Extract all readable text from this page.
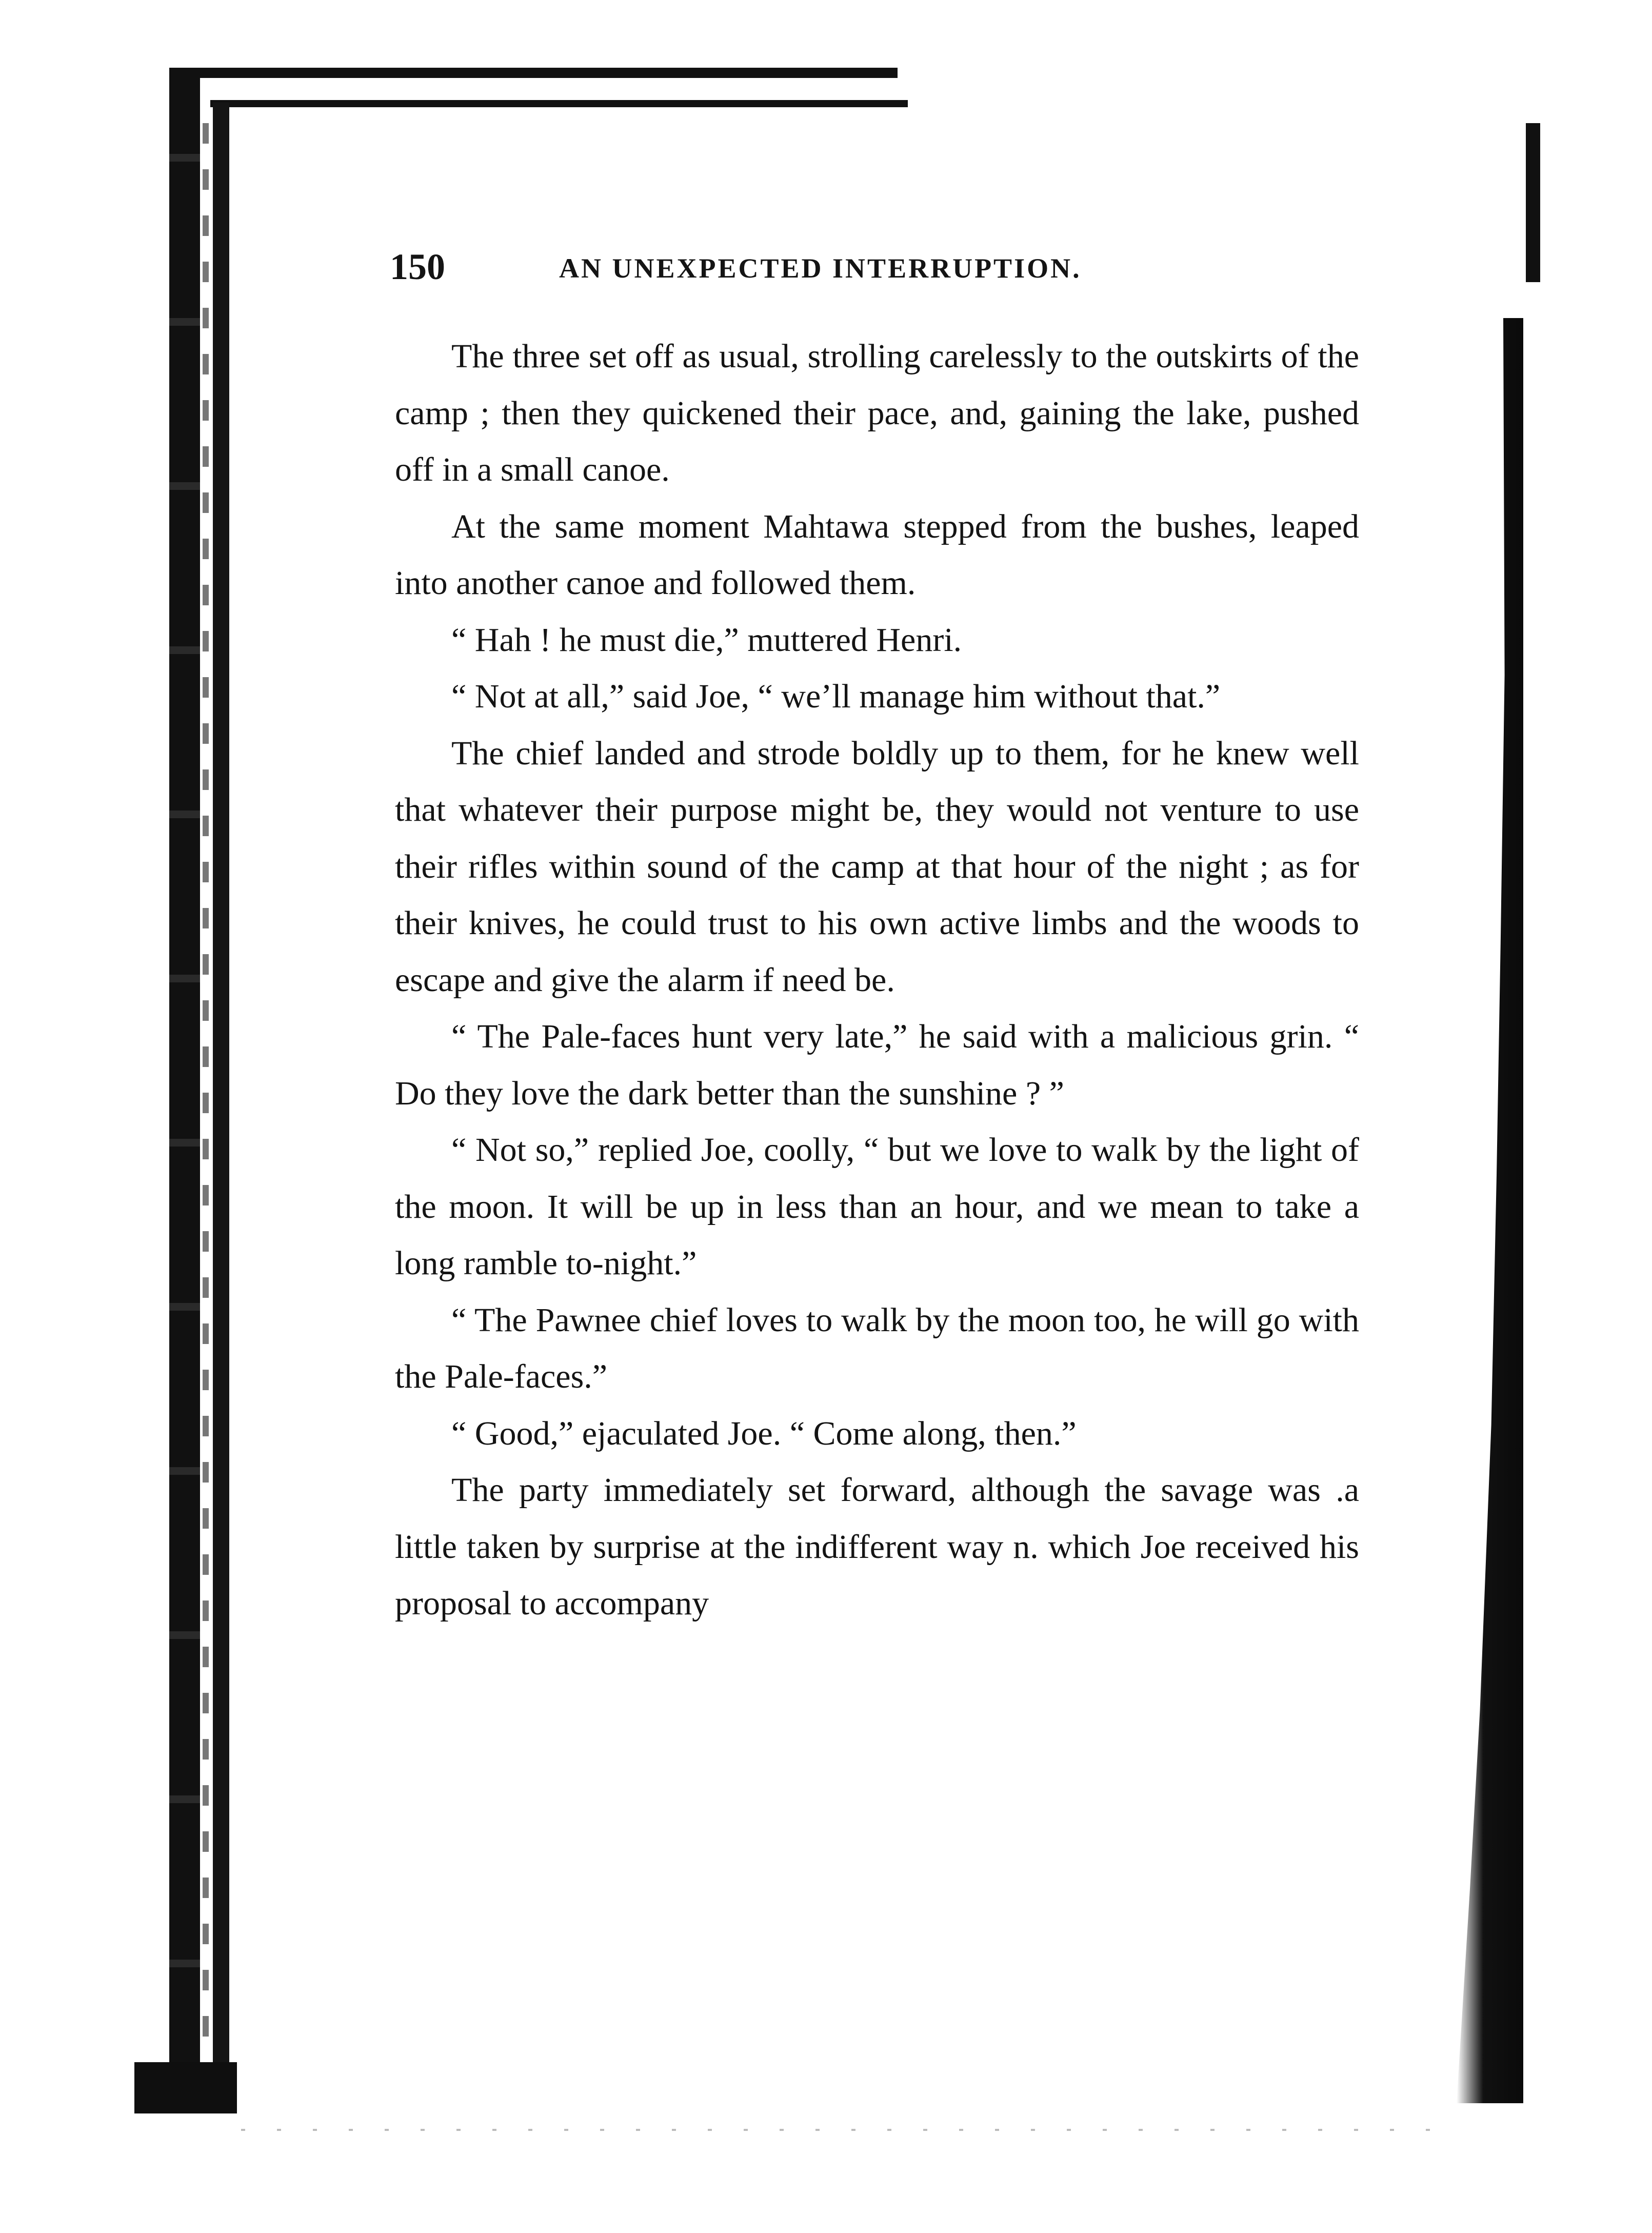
150	AN UNEXPECTED INTERRUPTION.

The three set off as usual, strolling carelessly to the outskirts of the camp ; then they quickened their pace, and, gaining the lake, pushed off in a small canoe.

At the same moment Mahtawa stepped from the bushes, leaped into another canoe and followed them.

“ Hah ! he must die,” muttered Henri.

“ Not at all,” said Joe, “ we’ll manage him without that.”

The chief landed and strode boldly up to them, for he knew well that whatever their purpose might be, they would not venture to use their rifles within sound of the camp at that hour of the night ; as for their knives, he could trust to his own active limbs and the woods to escape and give the alarm if need be.

“ The Pale-faces hunt very late,” he said with a malicious grin. “ Do they love the dark better than the sunshine ? ”

“ Not so,” replied Joe, coolly, “ but we love to walk by the light of the moon. It will be up in less than an hour, and we mean to take a long ramble to-night.”

“ The Pawnee chief loves to walk by the moon too, he will go with the Pale-faces.”

“ Good,” ejaculated Joe. “ Come along, then.”

The party immediately set forward, although the savage was .a little taken by surprise at the indifferent way n. which Joe received his proposal to accompany
